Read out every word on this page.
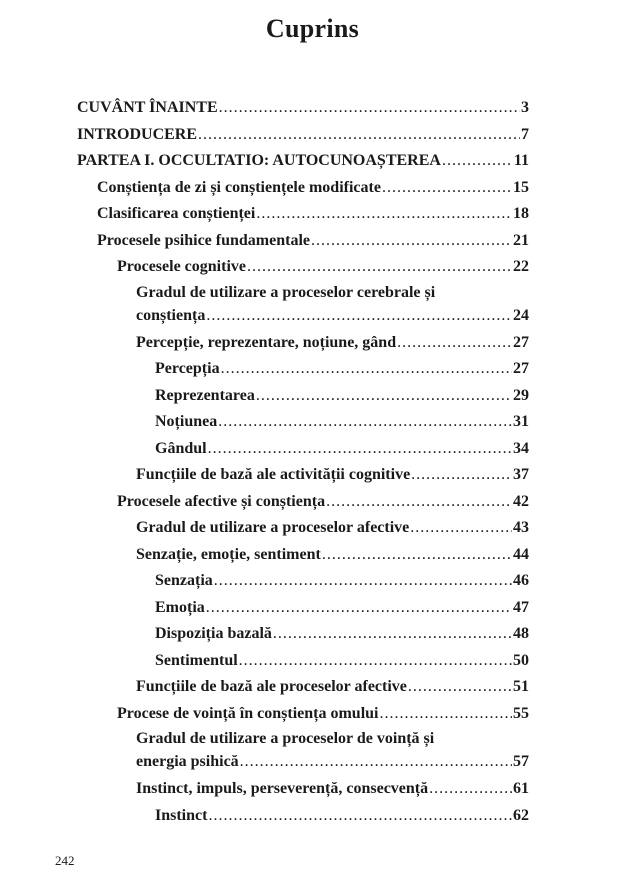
Cuprins
CUVÂNT ÎNAINTE .....	3
INTRODUCERE .....	7
PARTEA I. OCCULTATIO: AUTOCUNOAȘTEREA .....	11
Conștiența de zi și conștiențele modificate .....	15
Clasificarea conștienței .....	18
Procesele psihice fundamentale .....	21
Procesele cognitive .....	22
Gradul de utilizare a proceselor cerebrale și
conștiența .....	24
Percepție, reprezentare, noțiune, gând .....	27
Percepția .....	27
Reprezentarea .....	29
Noțiunea .....	31
Gândul .....	34
Funcțiile de bază ale activității cognitive .....	37
Procesele afective și conștiența .....	42
Gradul de utilizare a proceselor afective .....	43
Senzație, emoție, sentiment .....	44
Senzația .....	46
Emoția .....	47
Dispoziția bazală .....	48
Sentimentul .....	50
Funcțiile de bază ale proceselor afective .....	51
Procese de voință în conștiența omului .....	55
Gradul de utilizare a proceselor de voință și
energia psihică .....	57
Instinct, impuls, perseverență, consecvență .....	61
Instinct .....	62
242
